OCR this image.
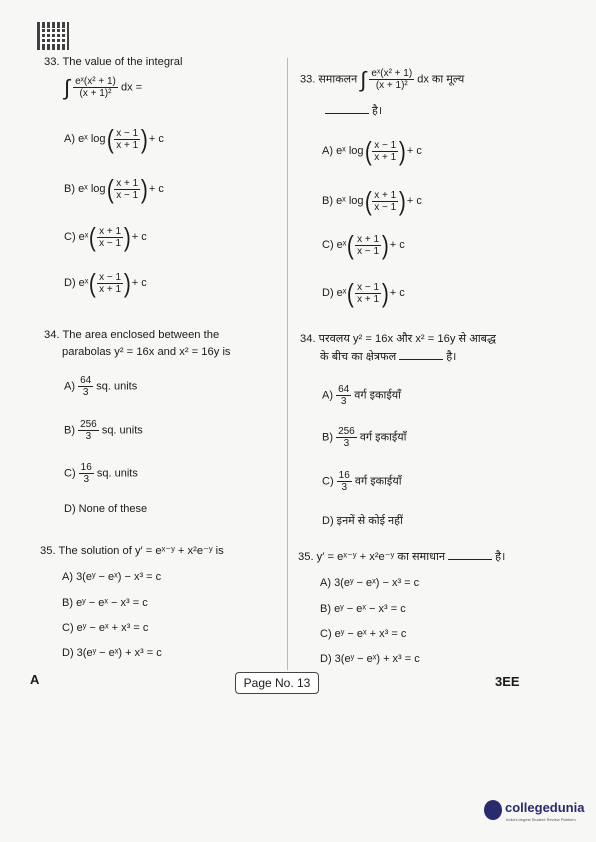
33. The value of the integral
∫ $\frac{\text{eˣ(x² + 1)}}{\text{(x + 1)²}}$ dx =
A) eˣ $\log( \frac{x - 1}{x + 1}$ )+ c
B) eˣ $\log( \frac{x + 1}{x - 1}$ )+ c
C) eˣ( $\frac{x + 1}{x - 1}$ )+ c
D) eˣ( $\frac{x - 1}{x + 1}$ )+ c
33. समाकलन ∫ $\frac{\text{eˣ(x² + 1)}}{\text{(x + 1)²}}$ dx का मूल्य
है।
A) eˣ $\log( \frac{x - 1}{x + 1}$ )+ c
B) eˣ $\log( \frac{x + 1}{x - 1}$ )+ c
C) eˣ( $\frac{x + 1}{x - 1}$ )+ c
D) eˣ( $\frac{x - 1}{x + 1}$ )+ c
34. The area enclosed between the
parabolas y² = 16x and x² = 16y is
$A) \frac{64}{3}$ sq. units
$B) \frac{256}{3}$ sq. units
$C) \frac{16}{3}$ sq. units
D) None of these
34. परवलय y² = 16x और x² = 16y से आबद्ध
के बीच का क्षेत्रफल	है।
$A) \frac{64}{3}$ वर्ग इकाईयाँ
$B) \frac{256}{3}$ वर्ग इकाईयाँ
$C) \frac{16}{3}$ वर्ग इकाईयाँ
D) इनमें से कोई नहीं
35. The solution of y′ = eˣ⁻ʸ + x²e⁻ʸ is
A) 3(eʸ − eˣ) − x³ = c
B) eʸ − eˣ − x³ = c
C) eʸ − eˣ + x³ = c
D) 3(eʸ − eˣ) + x³ = c
35. y′ = eˣ⁻ʸ + x²e⁻ʸ का समाधान	है।
A) 3(eʸ − eˣ) − x³ = c
B) eʸ − eˣ − x³ = c
C) eʸ − eˣ + x³ = c
D) 3(eʸ − eˣ) + x³ = c
A	Page No. 13	3EE
collegedunia
India's largest Student Review Platform
